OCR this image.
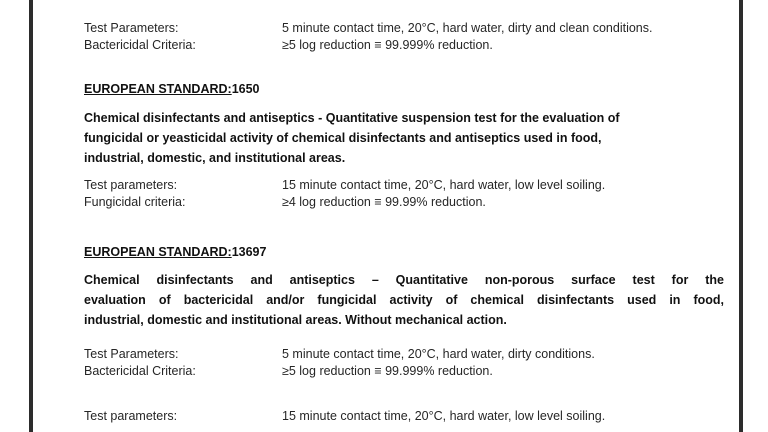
Test Parameters:	5 minute contact time, 20°C, hard water, dirty and clean conditions.
Bactericidal Criteria:	≥5 log reduction ≡ 99.999% reduction.
EUROPEAN STANDARD:1650
Chemical disinfectants and antiseptics - Quantitative suspension test for the evaluation of
fungicidal or yeasticidal activity of chemical disinfectants and antiseptics used in food,
industrial, domestic, and institutional areas.
Test parameters:	15 minute contact time, 20°C, hard water, low level soiling.
Fungicidal criteria:	≥4 log reduction ≡ 99.99% reduction.
EUROPEAN STANDARD:13697
Chemical disinfectants and antiseptics – Quantitative non-porous surface test for the
evaluation of bactericidal and/or fungicidal activity of chemical disinfectants used in food,
industrial, domestic and institutional areas. Without mechanical action.
Test Parameters:	5 minute contact time, 20°C, hard water, dirty conditions.
Bactericidal Criteria:	≥5 log reduction ≡ 99.999% reduction.
Test parameters:	15 minute contact time, 20°C, hard water, low level soiling.
